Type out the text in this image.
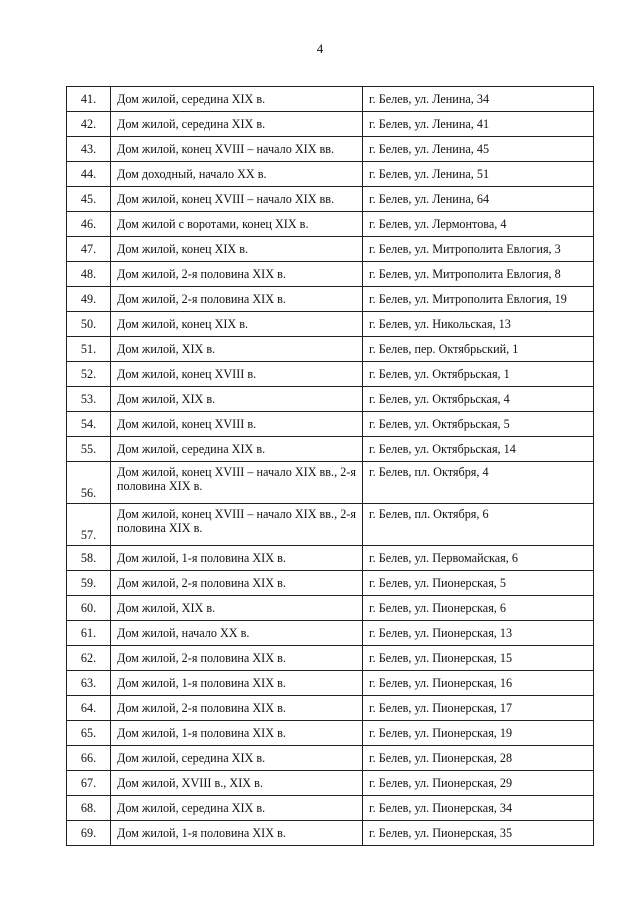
4
41.	Дом жилой, середина XIX в.	г. Белев, ул. Ленина, 34
42.	Дом жилой, середина XIX в.	г. Белев, ул. Ленина, 41
43.	Дом жилой, конец XVIII – начало XIX вв.	г. Белев, ул. Ленина, 45
44.	Дом доходный, начало XX в.	г. Белев, ул. Ленина, 51
45.	Дом жилой, конец XVIII – начало XIX вв.	г. Белев, ул. Ленина, 64
46.	Дом жилой с воротами, конец XIX в.	г. Белев, ул. Лермонтова, 4
47.	Дом жилой, конец XIX в.	г. Белев, ул. Митрополита Евлогия, 3
48.	Дом жилой, 2-я половина XIX в.	г. Белев, ул. Митрополита Евлогия, 8
49.	Дом жилой, 2-я половина XIX в.	г. Белев, ул. Митрополита Евлогия, 19
50.	Дом жилой, конец XIX в.	г. Белев, ул. Никольская, 13
51.	Дом жилой, XIX в.	г. Белев, пер. Октябрьский, 1
52.	Дом жилой, конец XVIII в.	г. Белев, ул. Октябрьская, 1
53.	Дом жилой, XIX в.	г. Белев, ул. Октябрьская, 4
54.	Дом жилой, конец XVIII в.	г. Белев, ул. Октябрьская, 5
55.	Дом жилой, середина XIX в.	г. Белев, ул. Октябрьская, 14
56.	Дом жилой, конец XVIII – начало XIX вв., 2-я половина XIX в.	г. Белев, пл. Октября, 4
57.	Дом жилой, конец XVIII – начало XIX вв., 2-я половина XIX в.	г. Белев, пл. Октября, 6
58.	Дом жилой, 1-я половина XIX в.	г. Белев, ул. Первомайская, 6
59.	Дом жилой, 2-я половина XIX в.	г. Белев, ул. Пионерская, 5
60.	Дом жилой, XIX в.	г. Белев, ул. Пионерская, 6
61.	Дом жилой, начало XX в.	г. Белев, ул. Пионерская, 13
62.	Дом жилой, 2-я половина XIX в.	г. Белев, ул. Пионерская, 15
63.	Дом жилой, 1-я половина XIX в.	г. Белев, ул. Пионерская, 16
64.	Дом жилой, 2-я половина XIX в.	г. Белев, ул. Пионерская, 17
65.	Дом жилой, 1-я половина XIX в.	г. Белев, ул. Пионерская, 19
66.	Дом жилой, середина XIX в.	г. Белев, ул. Пионерская, 28
67.	Дом жилой, XVIII в., XIX в.	г. Белев, ул. Пионерская, 29
68.	Дом жилой, середина XIX в.	г. Белев, ул. Пионерская, 34
69.	Дом жилой, 1-я половина XIX в.	г. Белев, ул. Пионерская, 35
